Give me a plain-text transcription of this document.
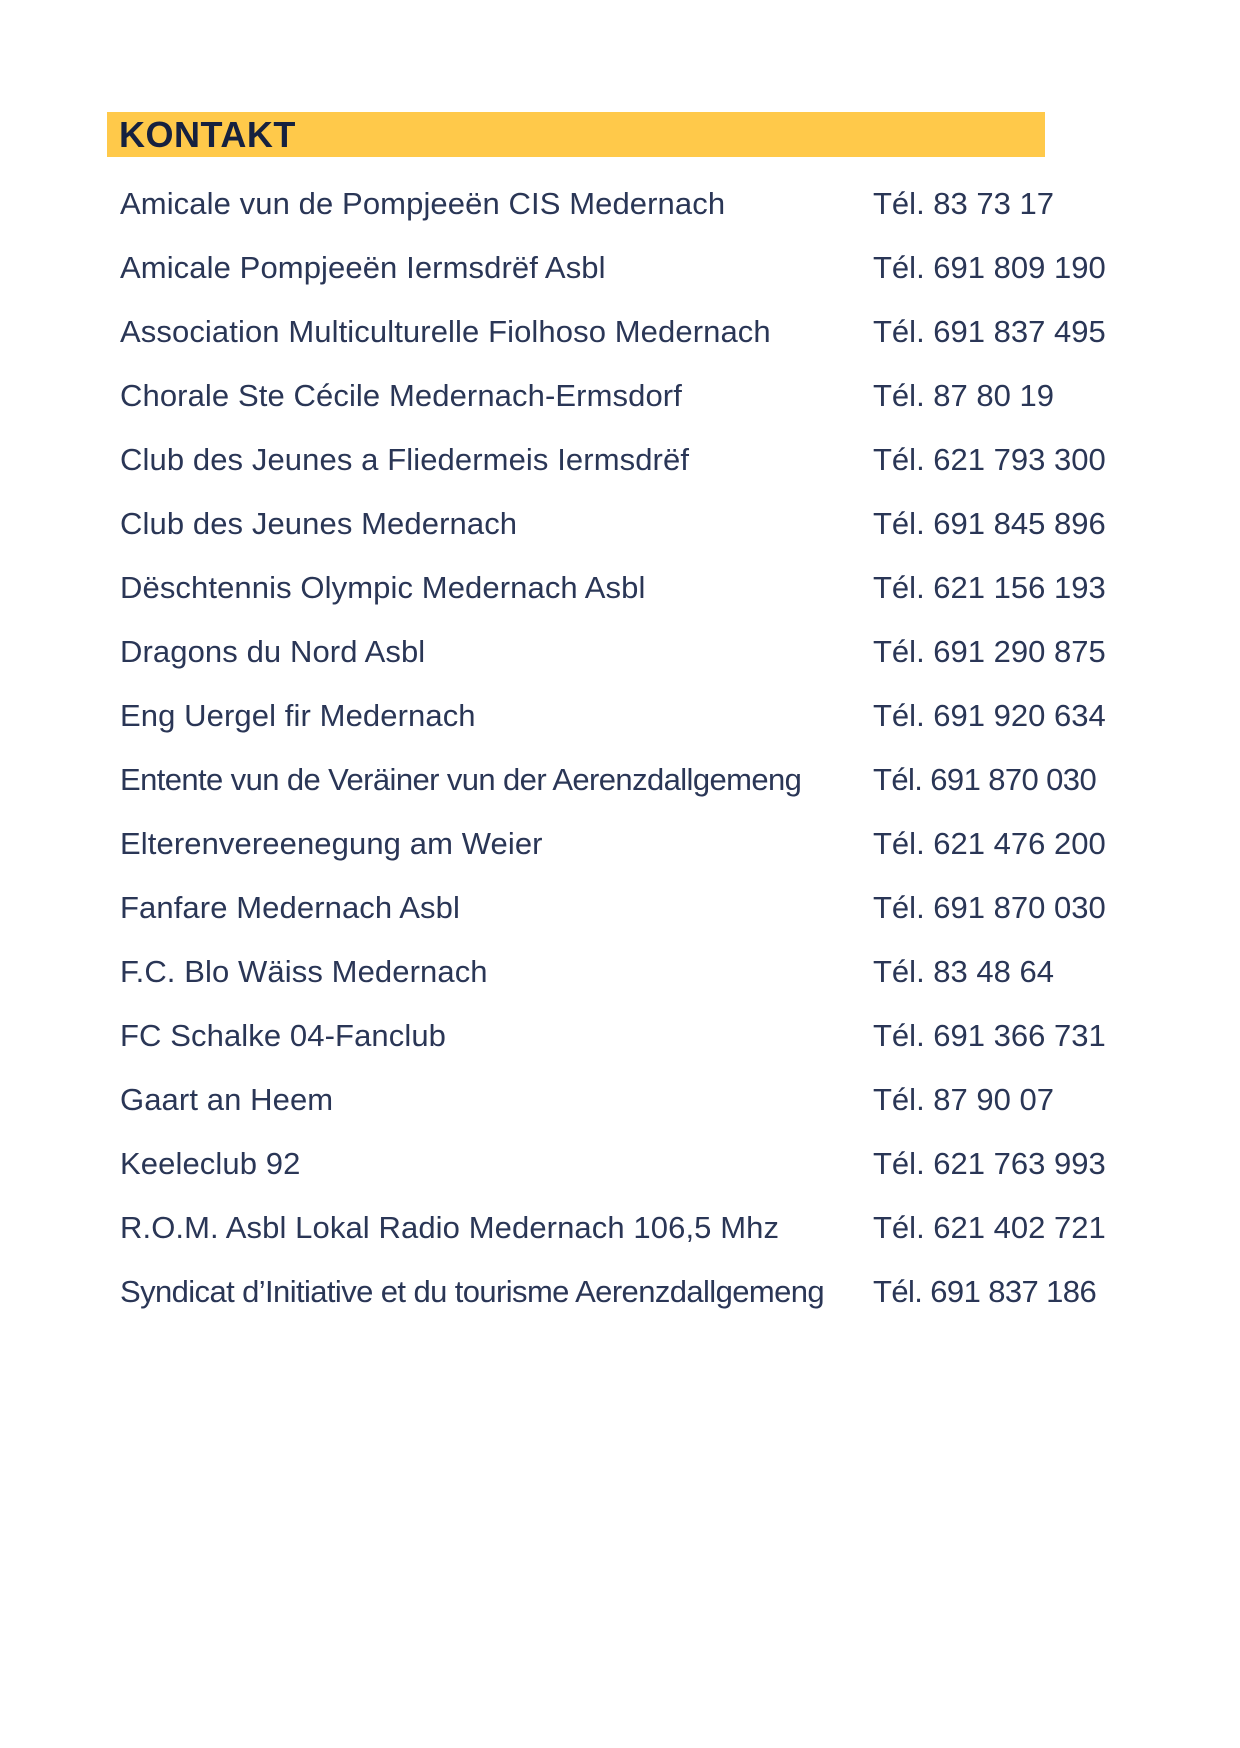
KONTAKT
Amicale vun de Pompjeeën CIS Medernach	Tél. 83 73 17
Amicale Pompjeeën Iermsdrëf Asbl	Tél. 691 809 190
Association Multiculturelle Fiolhoso Medernach	Tél. 691 837 495
Chorale Ste Cécile Medernach-Ermsdorf	Tél. 87 80 19
Club des Jeunes a Fliedermeis Iermsdrëf	Tél. 621 793 300
Club des Jeunes Medernach	Tél. 691 845 896
Dëschtennis Olympic Medernach Asbl	Tél. 621 156 193
Dragons du Nord Asbl	Tél. 691 290 875
Eng Uergel fir Medernach	Tél. 691 920 634
Entente vun de Veräiner vun der Aerenzdallgemeng Tél. 691 870 030
Elterenvereenegung am Weier	Tél. 621 476 200
Fanfare Medernach Asbl	Tél. 691 870 030
F.C. Blo Wäiss Medernach	Tél. 83 48 64
FC Schalke 04-Fanclub	Tél. 691 366 731
Gaart an Heem	Tél. 87 90 07
Keeleclub 92	Tél. 621 763 993
R.O.M. Asbl Lokal Radio Medernach 106,5 Mhz	Tél. 621 402 721
Syndicat d’Initiative et du tourisme Aerenzdallgemeng Tél. 691 837 186
